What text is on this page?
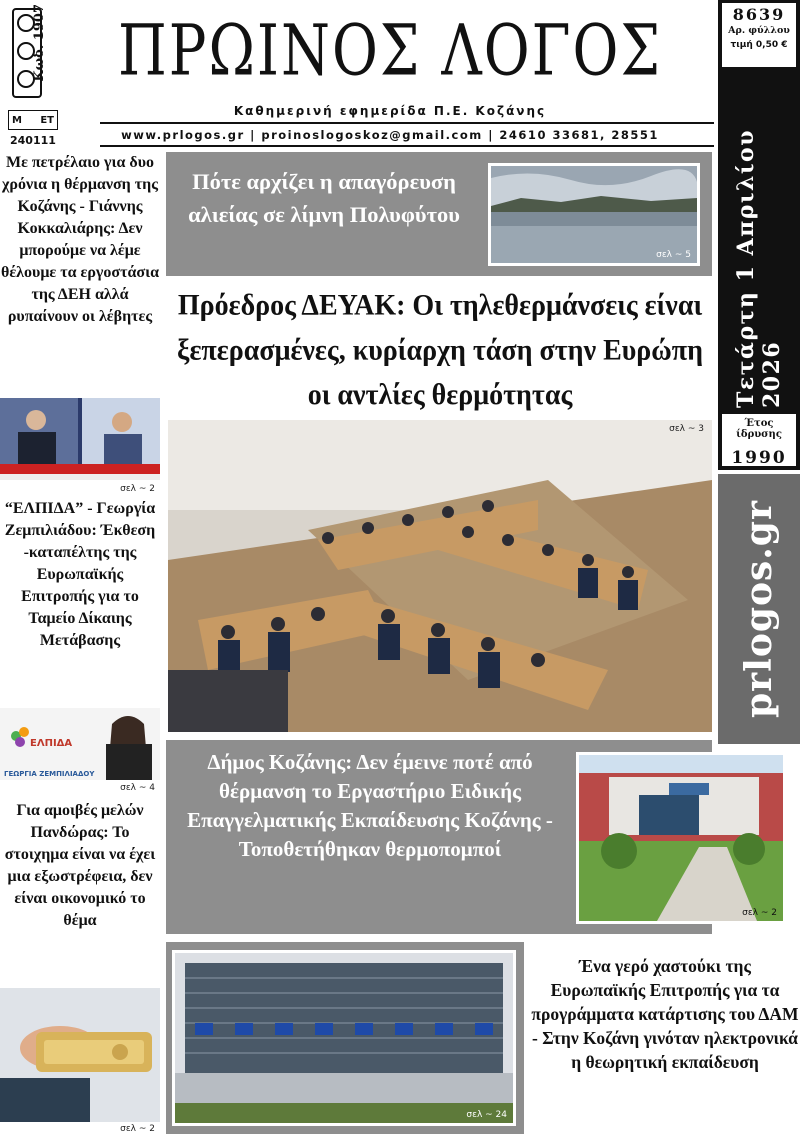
Κωδ. 1907
Μ ΕΤ
240111
ΠΡΩΙΝΟΣ ΛΟΓΟΣ
Καθημερινή εφημερίδα Π.Ε. Κοζάνης
www.prlogos.gr | proinoslogoskoz@gmail.com | 24610 33681, 28551
8639
Αρ. φύλλου
τιμή 0,50 €
Τετάρτη 1 Απριλίου 2026
Έτος ίδρυσης
1990
prlogos.gr
Με πετρέλαιο για δυο χρόνια η θέρμανση της Κοζάνης - Γιάννης Κοκκαλιάρης: Δεν μπορούμε να λέμε θέλουμε τα εργοστάσια της ΔΕΗ αλλά ρυπαίνουν οι λέβητες
σελ ~ 2
“ΕΛΠΙΔΑ” - Γεωργία Ζεμπιλιάδου: Έκθεση -καταπέλτης της Ευρωπαϊκής Επιτροπής για το Ταμείο Δίκαιης Μετάβασης
ΕΛΠΙΔΑ
ΓΕΩΡΓΙΑ ΖΕΜΠΙΛΙΑΔΟΥ
σελ ~ 4
Για αμοιβές μελών Πανδώρας: Το στοιχημα είναι να έχει μια εξωστρέφεια, δεν είναι οικονομικό το θέμα
σελ ~ 2
Πότε αρχίζει η απαγόρευση αλιείας σε λίμνη Πολυφύτου
σελ ~ 5
Πρόεδρος ΔΕΥΑΚ: Οι τηλεθερμάνσεις είναι ξεπερασμένες, κυρίαρχη τάση στην Ευρώπη οι αντλίες θερμότητας
σελ ~ 3
Δήμος Κοζάνης: Δεν έμεινε ποτέ από θέρμανση το Εργαστήριο Ειδικής Επαγγελματικής Εκπαίδευσης Κοζάνης - Τοποθετήθηκαν θερμοπομποί
σελ ~ 2
σελ ~ 24
Ένα γερό χαστούκι της Ευρωπαϊκής Επιτροπής για τα προγράμματα κατάρτισης του ΔΑΜ - Στην Κοζάνη γινόταν ηλεκτρονικά η θεωρητική εκπαίδευση
